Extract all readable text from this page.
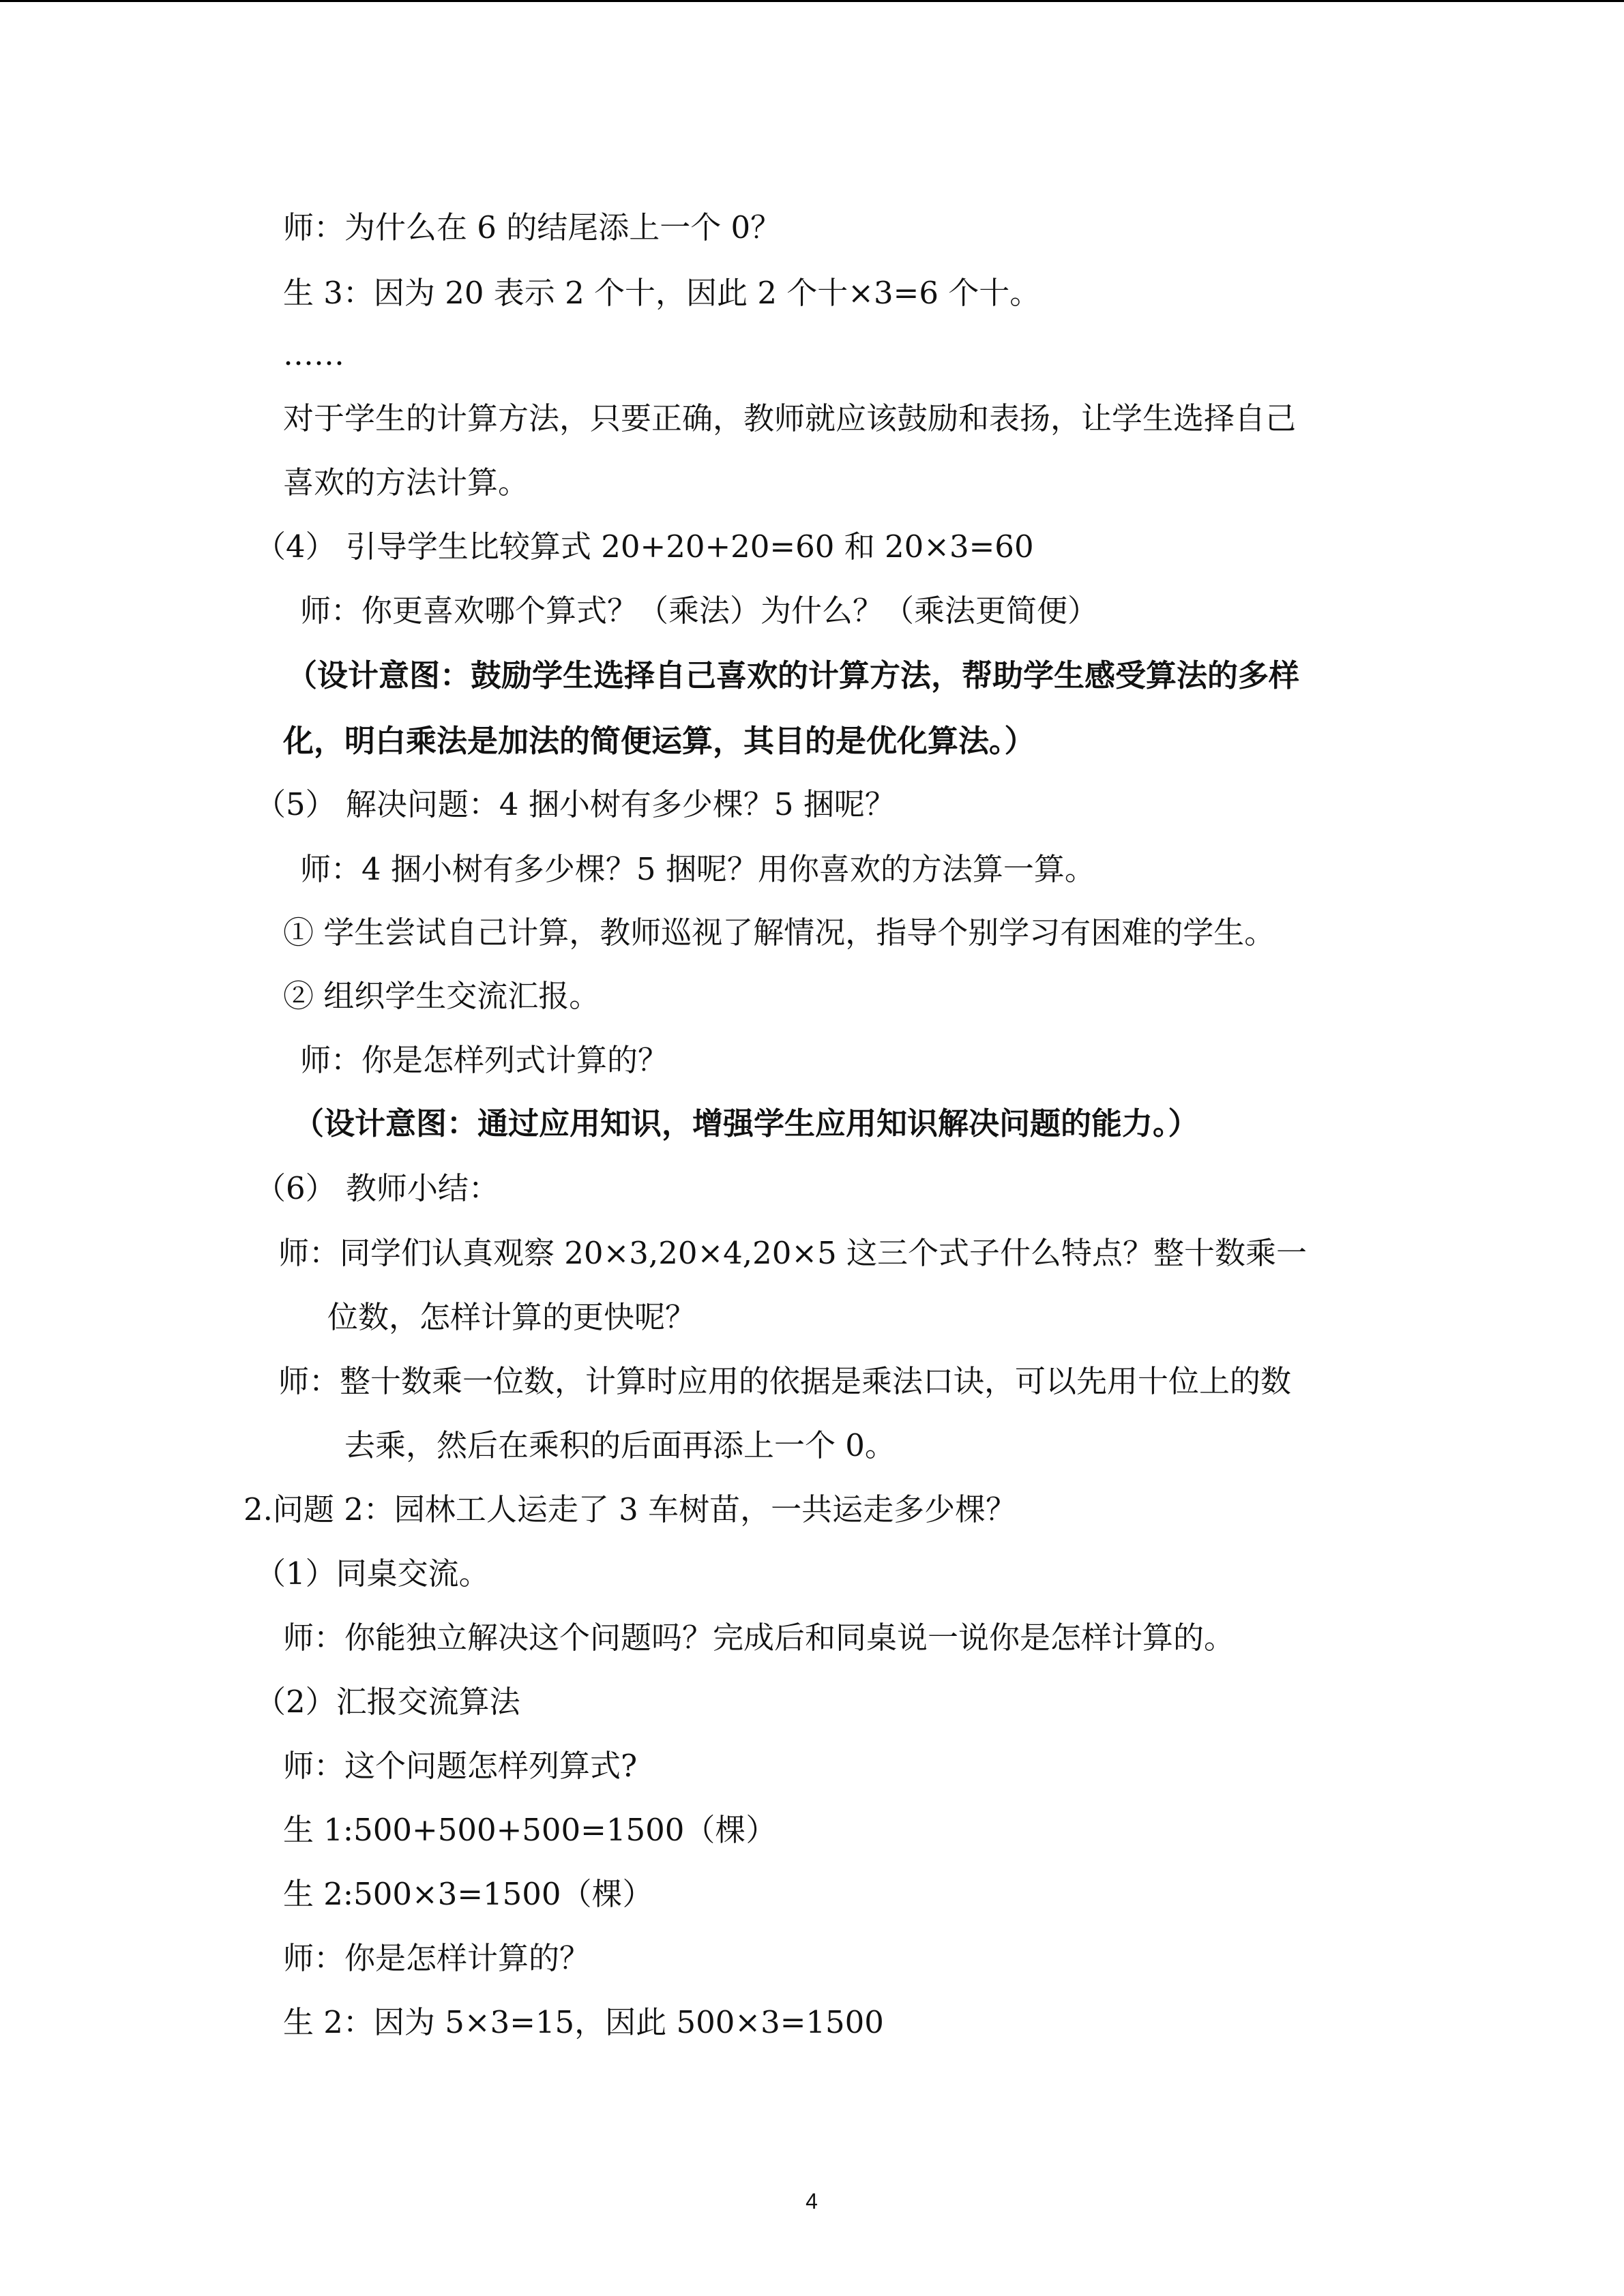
师：为什么在 6 的结尾添上一个 0？
生 3：因为 20 表示 2 个十，因此 2 个十×3=6 个十。
……
对于学生的计算方法，只要正确，教师就应该鼓励和表扬，让学生选择自己
喜欢的方法计算。
（4） 引导学生比较算式 20+20+20=60 和 20×3=60
师：你更喜欢哪个算式？（乘法）为什么？（乘法更简便）
（设计意图：鼓励学生选择自己喜欢的计算方法，帮助学生感受算法的多样
化，明白乘法是加法的简便运算，其目的是优化算法。）
（5） 解决问题：4 捆小树有多少棵？5 捆呢？
师：4 捆小树有多少棵？5 捆呢？用你喜欢的方法算一算。
① 学生尝试自己计算，教师巡视了解情况，指导个别学习有困难的学生。
② 组织学生交流汇报。
师：你是怎样列式计算的？
（设计意图：通过应用知识，增强学生应用知识解决问题的能力。）
（6） 教师小结：
师：同学们认真观察 20×3,20×4,20×5 这三个式子什么特点？整十数乘一
位数，怎样计算的更快呢？
师：整十数乘一位数，计算时应用的依据是乘法口诀，可以先用十位上的数
去乘，然后在乘积的后面再添上一个 0。
2.问题 2：园林工人运走了 3 车树苗，一共运走多少棵？
（1）同桌交流。
师：你能独立解决这个问题吗？完成后和同桌说一说你是怎样计算的。
（2）汇报交流算法
师：这个问题怎样列算式?
生 1:500+500+500=1500（棵）
生 2:500×3=1500（棵）
师：你是怎样计算的？
生 2：因为 5×3=15，因此 500×3=1500
4
